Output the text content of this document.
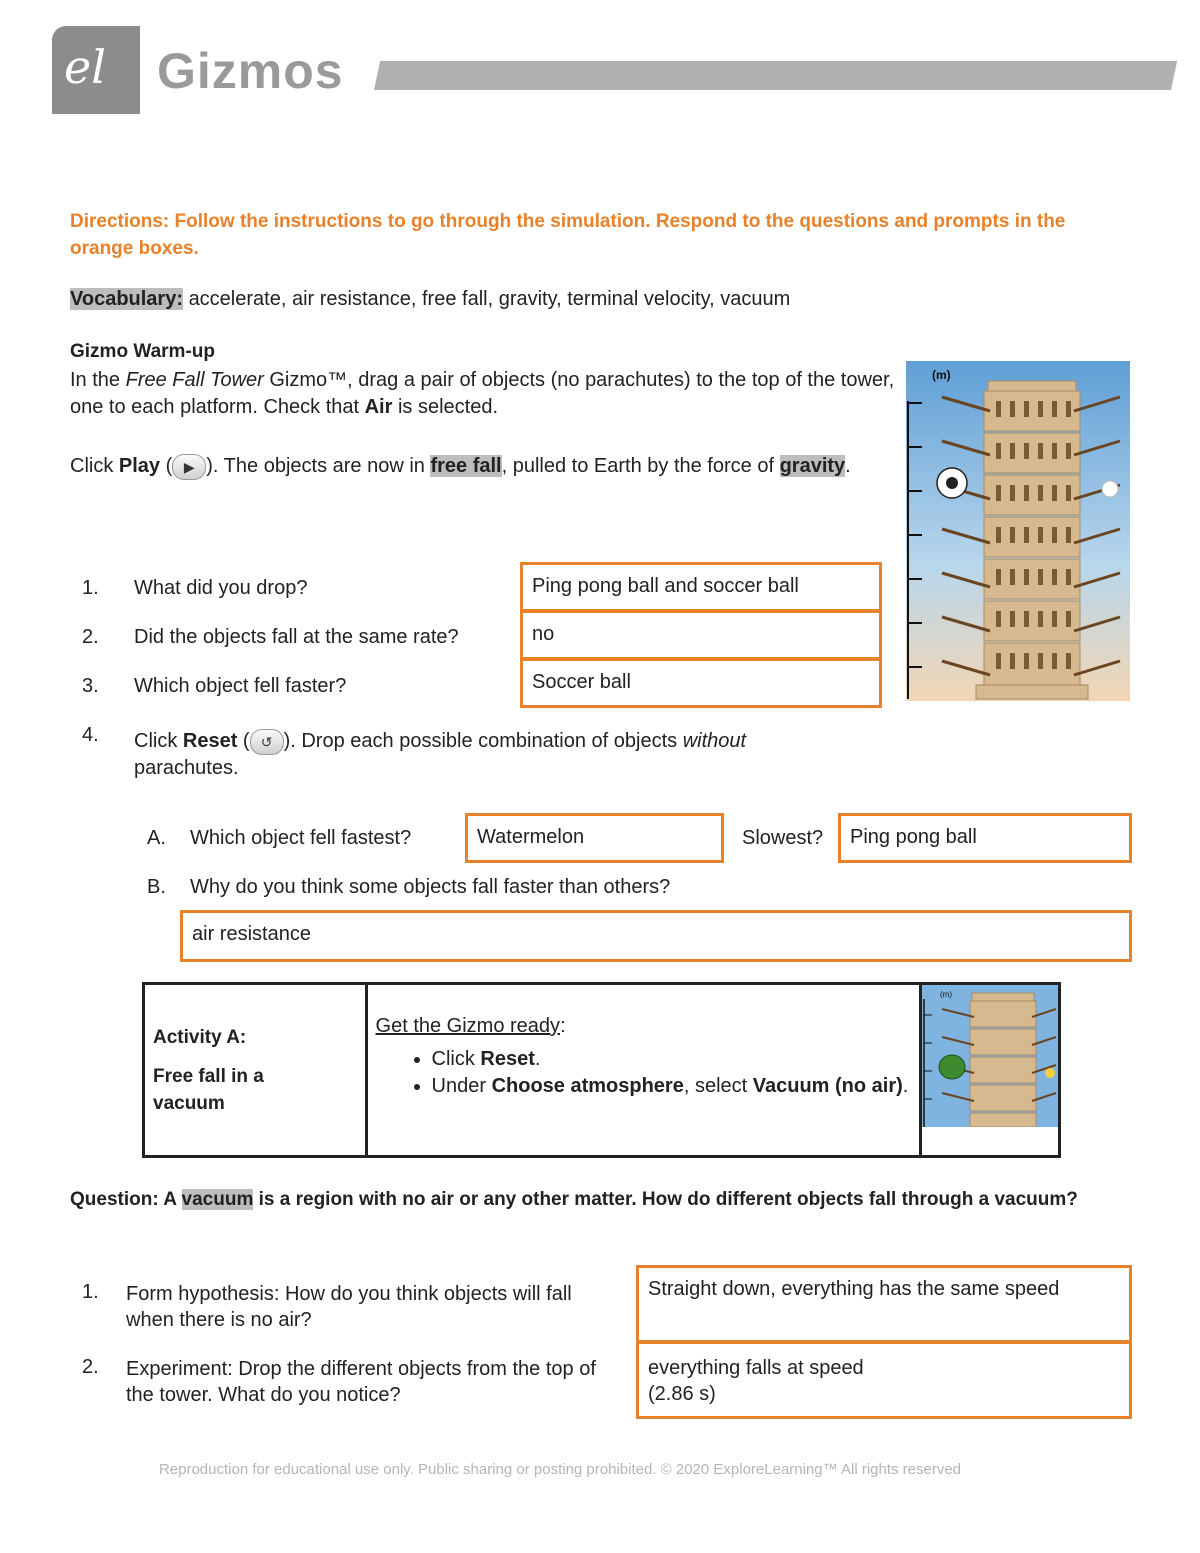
el Gizmos
Directions: Follow the instructions to go through the simulation. Respond to the questions and prompts in the orange boxes.
Vocabulary: accelerate, air resistance, free fall, gravity, terminal velocity, vacuum
Gizmo Warm-up
In the Free Fall Tower Gizmo™, drag a pair of objects (no parachutes) to the top of the tower, one to each platform. Check that Air is selected.
Click Play ( ▶ ). The objects are now in free fall, pulled to Earth by the force of gravity.
(m)
1. What did you drop?	Ping pong ball and soccer ball
2. Did the objects fall at the same rate?	no
3. Which object fell faster?	Soccer ball
4. Click Reset ( ↺ ). Drop each possible combination of objects without parachutes.
A. Which object fell fastest?	Watermelon	Slowest?	Ping pong ball
B. Why do you think some objects fall faster than others?
air resistance
Activity A:
Free fall in a vacuum

Get the Gizmo ready:
• Click Reset.
• Under Choose atmosphere, select Vacuum (no air).

(m)
Question: A vacuum is a region with no air or any other matter. How do different objects fall through a vacuum?
1. Form hypothesis: How do you think objects will fall when there is no air?
Straight down, everything has the same speed
2. Experiment: Drop the different objects from the top of the tower. What do you notice?
everything falls at speed
(2.86 s)
Reproduction for educational use only. Public sharing or posting prohibited. © 2020 ExploreLearning™ All rights reserved
